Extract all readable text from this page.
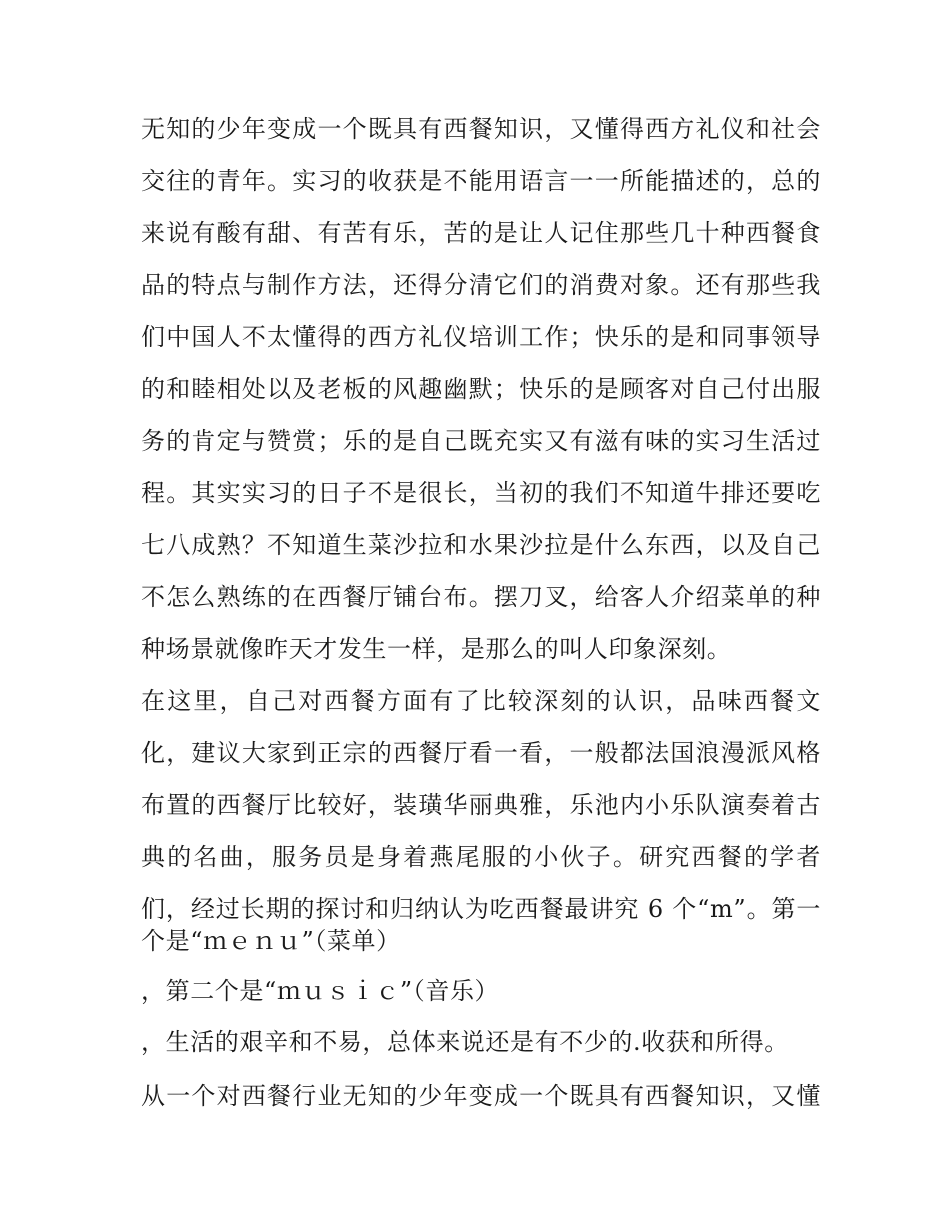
无知的少年变成一个既具有西餐知识，又懂得西方礼仪和社会
交往的青年。实习的收获是不能用语言一一所能描述的，总的
来说有酸有甜、有苦有乐，苦的是让人记住那些几十种西餐食
品的特点与制作方法，还得分清它们的消费对象。还有那些我
们中国人不太懂得的西方礼仪培训工作；快乐的是和同事领导
的和睦相处以及老板的风趣幽默；快乐的是顾客对自己付出服
务的肯定与赞赏；乐的是自己既充实又有滋有味的实习生活过
程。其实实习的日子不是很长，当初的我们不知道牛排还要吃
七八成熟？不知道生菜沙拉和水果沙拉是什么东西，以及自己
不怎么熟练的在西餐厅铺台布。摆刀叉，给客人介绍菜单的种
种场景就像昨天才发生一样，是那么的叫人印象深刻。
在这里，自己对西餐方面有了比较深刻的认识，品味西餐文
化，建议大家到正宗的西餐厅看一看，一般都法国浪漫派风格
布置的西餐厅比较好，装璜华丽典雅，乐池内小乐队演奏着古
典的名曲，服务员是身着燕尾服的小伙子。研究西餐的学者
们，经过长期的探讨和归纳认为吃西餐最讲究 6 个“m”。第一
个是“ｍｅｎｕ”（菜单）
，第二个是“ｍｕｓｉｃ”（音乐）
，生活的艰辛和不易，总体来说还是有不少的.收获和所得。
从一个对西餐行业无知的少年变成一个既具有西餐知识，又懂
